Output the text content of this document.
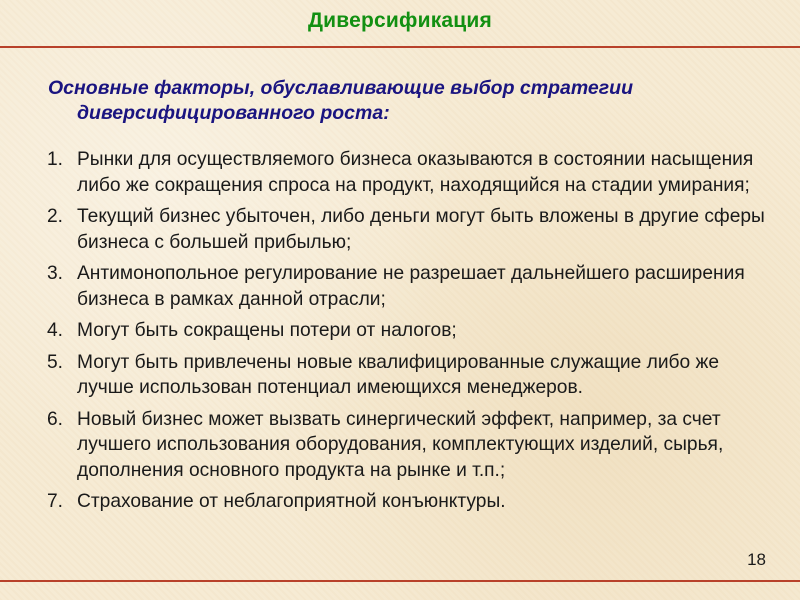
Диверсификация
Основные факторы, обуславливающие выбор стратегии диверсифицированного роста:
1. Рынки для осуществляемого бизнеса оказываются в состоянии насыщения либо же сокращения спроса на продукт, находящийся на стадии умирания;
2. Текущий бизнес убыточен, либо деньги могут быть вложены в другие сферы бизнеса с большей прибылью;
3. Антимонопольное регулирование не разрешает дальнейшего расширения бизнеса в рамках данной отрасли;
4. Могут быть сокращены потери от налогов;
5. Могут быть привлечены новые квалифицированные служащие либо же лучше использован потенциал имеющихся менеджеров.
6. Новый бизнес может вызвать синергический эффект, например, за счет лучшего использования оборудования, комплектующих изделий, сырья, дополнения основного продукта на рынке и т.п.;
7. Страхование от неблагоприятной конъюнктуры.
18
